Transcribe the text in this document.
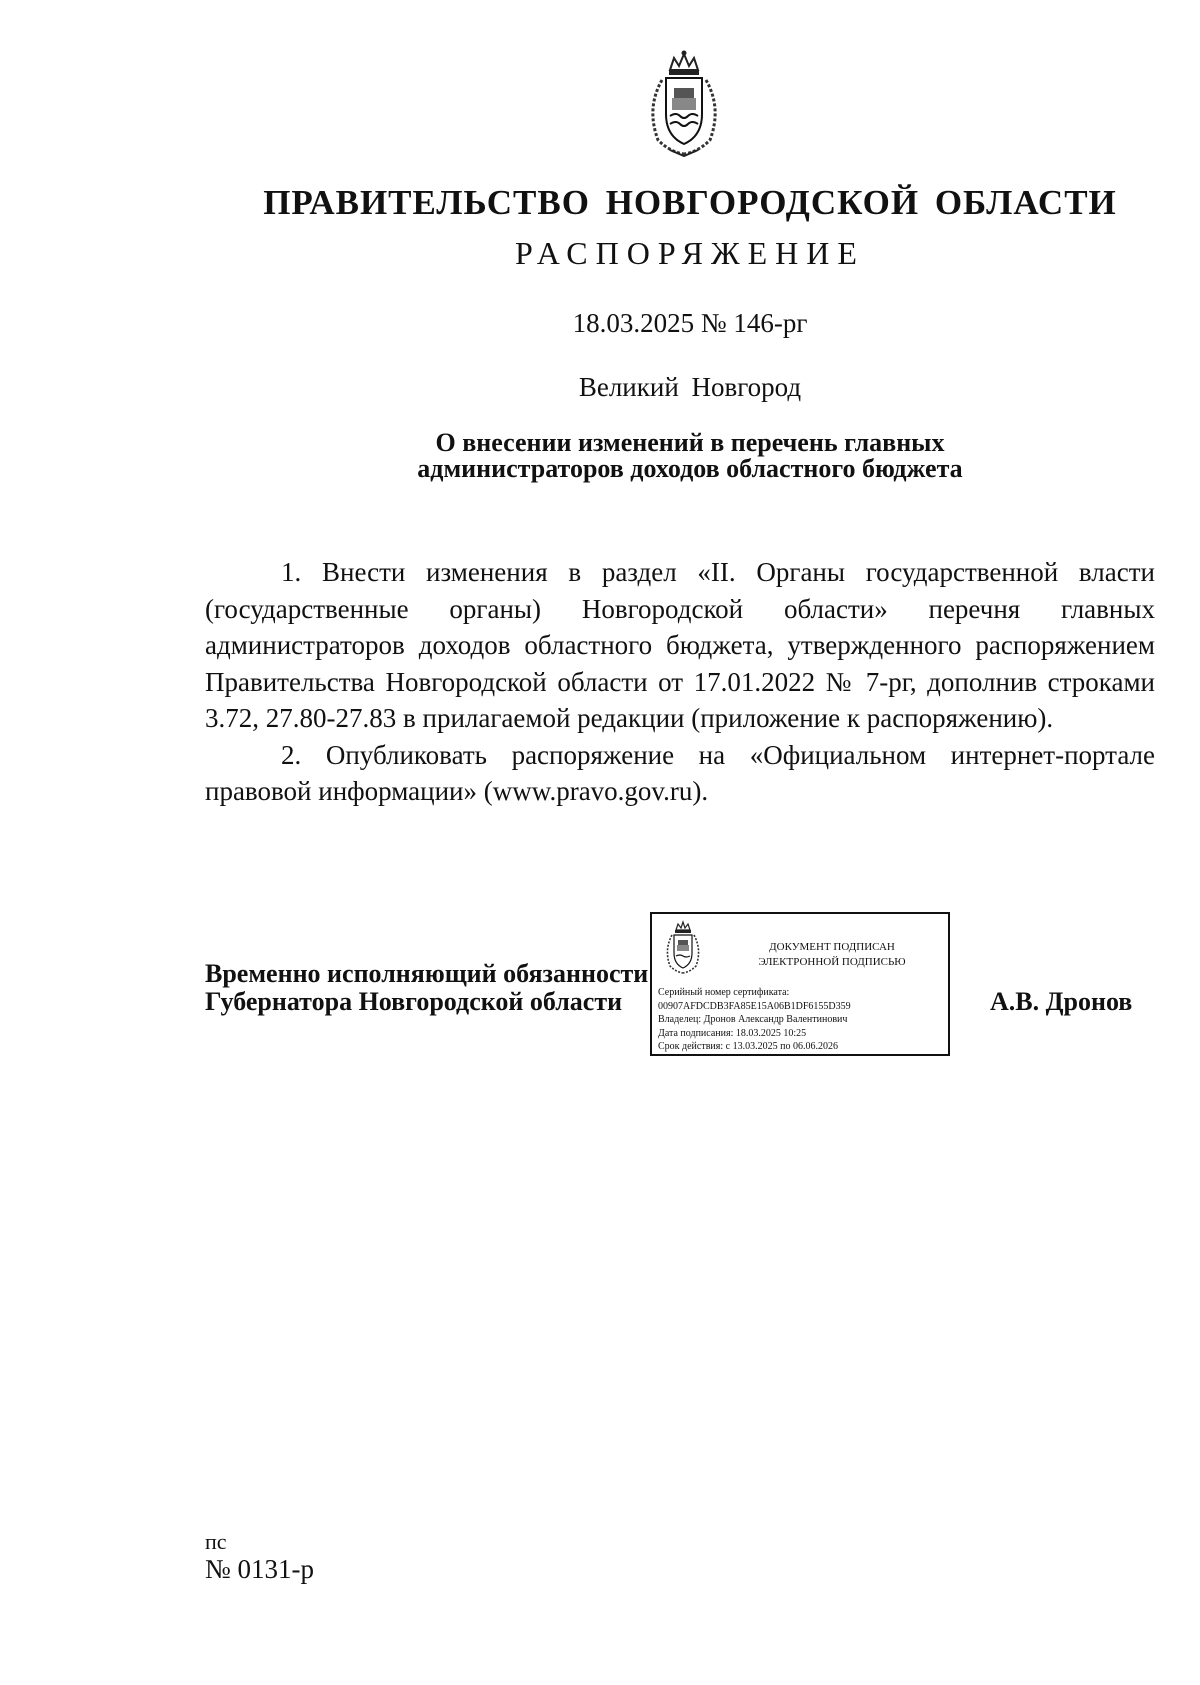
ПРАВИТЕЛЬСТВО НОВГОРОДСКОЙ ОБЛАСТИ
РАСПОРЯЖЕНИЕ
18.03.2025 № 146-рг
Великий Новгород
О внесении изменений в перечень главных
администраторов доходов областного бюджета

1. Внести изменения в раздел «II. Органы государственной власти (государственные органы) Новгородской области» перечня главных администраторов доходов областного бюджета, утвержденного распоряжением Правительства Новгородской области от 17.01.2022 № 7-рг, дополнив строками 3.72, 27.80-27.83 в прилагаемой редакции (приложение к распоряжению).

2. Опубликовать распоряжение на «Официальном интернет-портале правовой информации» (www.pravo.gov.ru).

Временно исполняющий обязанности
Губернатора Новгородской области
ДОКУМЕНТ ПОДПИСАН
ЭЛЕКТРОННОЙ ПОДПИСЬЮ
Серийный номер сертификата:
00907AFDCDB3FA85E15A06B1DF6155D359
Владелец: Дронов Александр Валентинович
Дата подписания: 18.03.2025 10:25
Срок действия: с 13.03.2025 по 06.06.2026
А.В. Дронов
пс
№ 0131-р
